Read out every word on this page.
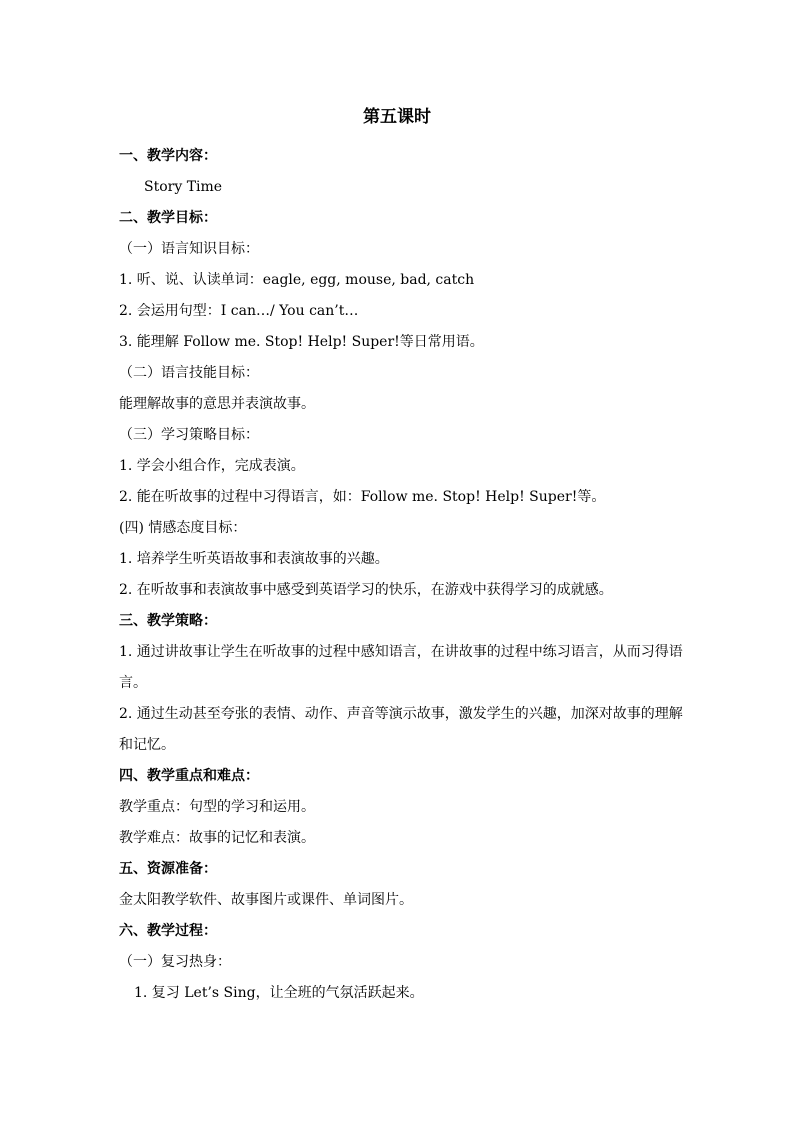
第五课时
一、教学内容：
Story Time
二、教学目标：
（一）语言知识目标：
1. 听、说、认读单词：eagle, egg, mouse, bad, catch
2. 会运用句型：I can…/ You can’t…
3. 能理解 Follow me. Stop! Help! Super!等日常用语。
（二）语言技能目标：
能理解故事的意思并表演故事。
（三）学习策略目标：
1. 学会小组合作，完成表演。
2. 能在听故事的过程中习得语言，如：Follow me. Stop! Help! Super!等。
(四) 情感态度目标：
1. 培养学生听英语故事和表演故事的兴趣。
2. 在听故事和表演故事中感受到英语学习的快乐，在游戏中获得学习的成就感。
三、教学策略：
1. 通过讲故事让学生在听故事的过程中感知语言，在讲故事的过程中练习语言，从而习得语言。
2. 通过生动甚至夸张的表情、动作、声音等演示故事，激发学生的兴趣，加深对故事的理解和记忆。
四、教学重点和难点：
教学重点：句型的学习和运用。
教学难点：故事的记忆和表演。
五、资源准备：
金太阳教学软件、故事图片或课件、单词图片。
六、教学过程：
（一）复习热身：
1. 复习 Let’s Sing，让全班的气氛活跃起来。
